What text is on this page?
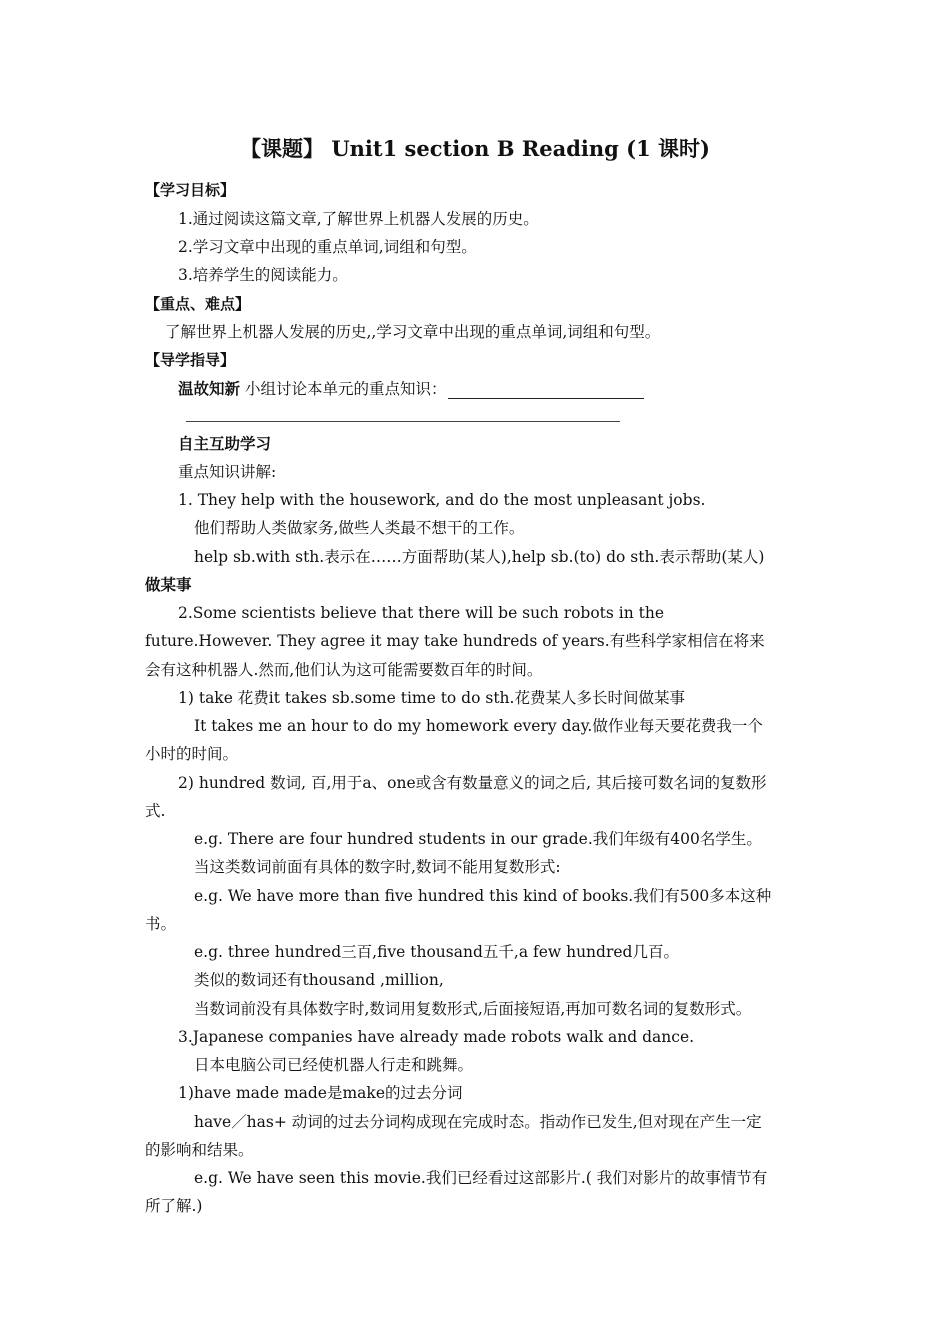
【课题】 Unit1 section B Reading (1 课时)
【学习目标】
1.通过阅读这篇文章,了解世界上机器人发展的历史。
2.学习文章中出现的重点单词,词组和句型。
3.培养学生的阅读能力。
【重点、难点】
了解世界上机器人发展的历史,,学习文章中出现的重点单词,词组和句型。
【导学指导】
温故知新 小组讨论本单元的重点知识：
自主互助学习
重点知识讲解:
1. They help with the housework, and do the most unpleasant jobs.
他们帮助人类做家务,做些人类最不想干的工作。
help sb.with sth.表示在……方面帮助(某人),help sb.(to) do sth.表示帮助(某人)
做某事
2.Some scientists believe that there will be such robots in the
future.However. They agree it may take hundreds of years.有些科学家相信在将来
会有这种机器人.然而,他们认为这可能需要数百年的时间。
1) take 花费it takes sb.some time to do sth.花费某人多长时间做某事
It takes me an hour to do my homework every day.做作业每天要花费我一个
小时的时间。
2) hundred 数词, 百,用于a、one或含有数量意义的词之后, 其后接可数名词的复数形
式.
e.g. There are four hundred students in our grade.我们年级有400名学生。
当这类数词前面有具体的数字时,数词不能用复数形式:
e.g. We have more than five hundred this kind of books.我们有500多本这种
书。
e.g. three hundred三百,five thousand五千,a few hundred几百。
类似的数词还有thousand ,million,
当数词前没有具体数字时,数词用复数形式,后面接短语,再加可数名词的复数形式。
3.Japanese companies have already made robots walk and dance.
日本电脑公司已经使机器人行走和跳舞。
1)have made made是make的过去分词
have／has+ 动词的过去分词构成现在完成时态。指动作已发生,但对现在产生一定
的影响和结果。
e.g. We have seen this movie.我们已经看过这部影片.( 我们对影片的故事情节有
所了解.)
